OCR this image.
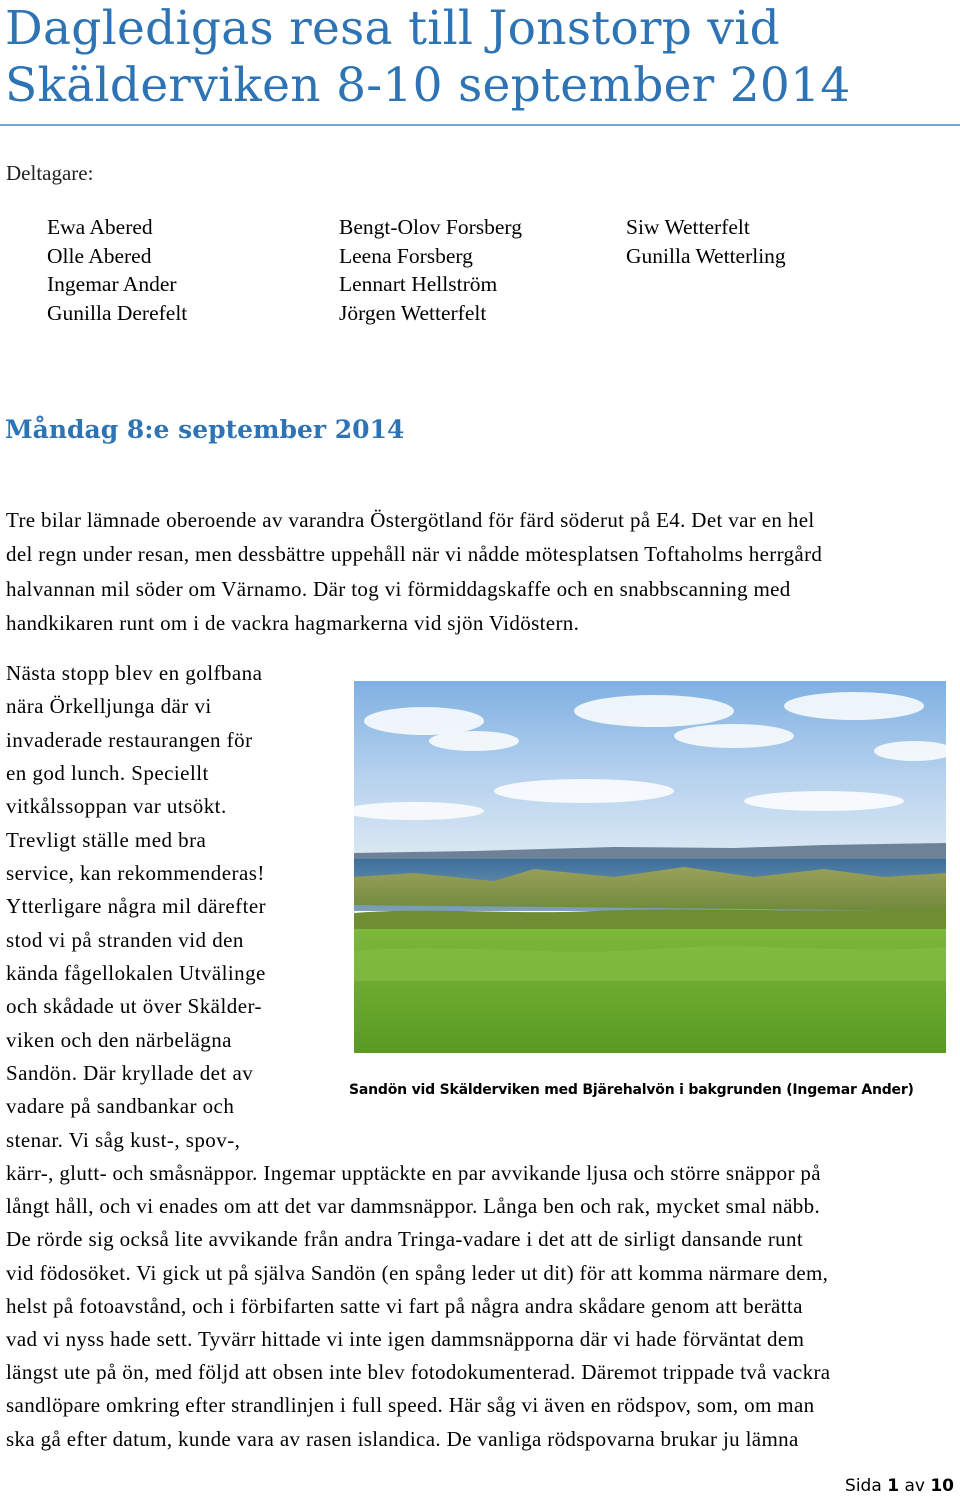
Dagledigas resa till Jonstorp vid
Skälderviken 8-10 september 2014
Deltagare:
Ewa Abered
Olle Abered
Ingemar Ander
Gunilla Derefelt
Bengt-Olov Forsberg
Leena Forsberg
Lennart Hellström
Jörgen Wetterfelt
Siw Wetterfelt
Gunilla Wetterling
Måndag 8:e september 2014
Tre bilar lämnade oberoende av varandra Östergötland för färd söderut på E4. Det var en hel
del regn under resan, men dessbättre uppehåll när vi nådde mötesplatsen Toftaholms herrgård
halvannan mil söder om Värnamo. Där tog vi förmiddagskaffe och en snabbscanning med
handkikaren runt om i de vackra hagmarkerna vid sjön Vidöstern.
Nästa stopp blev en golfbana
nära Örkelljunga där vi
invaderade restaurangen för
en god lunch. Speciellt
vitkålssoppan var utsökt.
Trevligt ställe med bra
service, kan rekommenderas!
Ytterligare några mil därefter
stod vi på stranden vid den
kända fågellokalen Utvälinge
och skådade ut över Skälder-
viken och den närbelägna
Sandön. Där kryllade det av
vadare på sandbankar och
stenar. Vi såg kust-, spov-,
Sandön vid Skälderviken med Bjärehalvön i bakgrunden (Ingemar Ander)
kärr-, glutt- och småsnäppor. Ingemar upptäckte en par avvikande ljusa och större snäppor på
långt håll, och vi enades om att det var dammsnäppor. Långa ben och rak, mycket smal näbb.
De rörde sig också lite avvikande från andra Tringa-vadare i det att de sirligt dansande runt
vid födosöket. Vi gick ut på själva Sandön (en spång leder ut dit) för att komma närmare dem,
helst på fotoavstånd, och i förbifarten satte vi fart på några andra skådare genom att berätta
vad vi nyss hade sett. Tyvärr hittade vi inte igen dammsnäpporna där vi hade förväntat dem
längst ute på ön, med följd att obsen inte blev fotodokumenterad. Däremot trippade två vackra
sandlöpare omkring efter strandlinjen i full speed. Här såg vi även en rödspov, som, om man
ska gå efter datum, kunde vara av rasen islandica. De vanliga rödspovarna brukar ju lämna
Sida 1 av 10
